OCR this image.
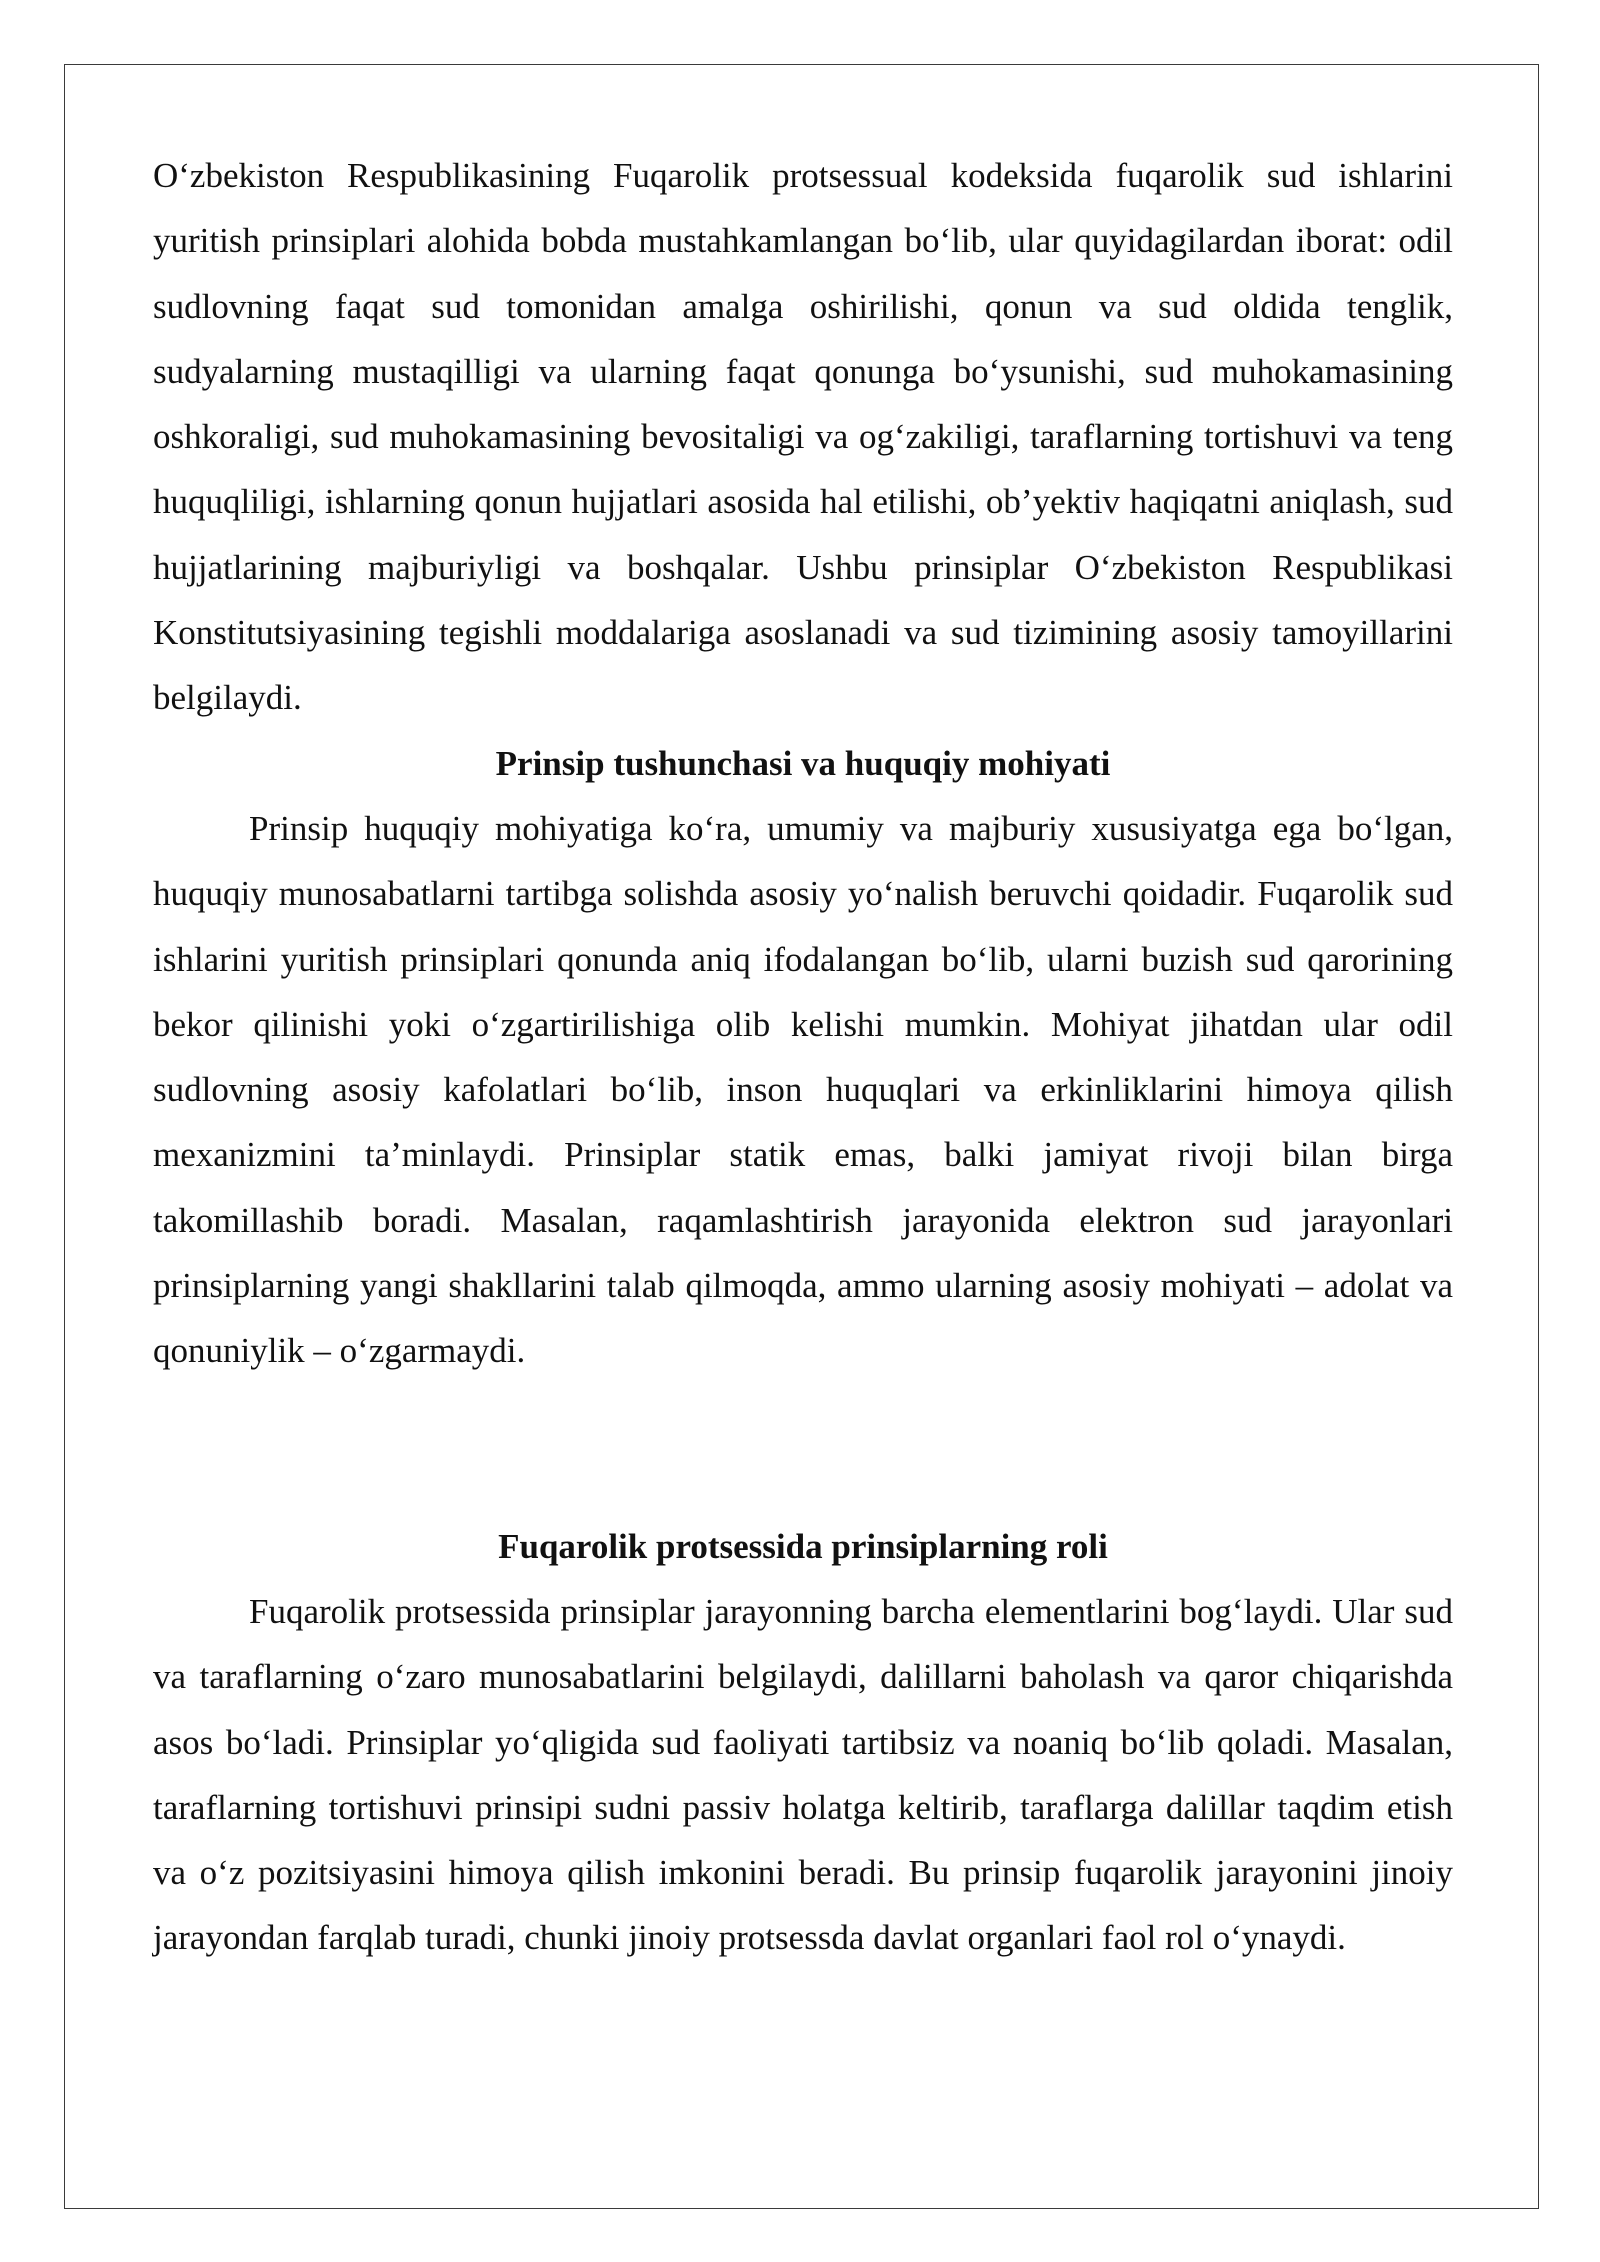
O‘zbekiston Respublikasining Fuqarolik protsessual kodeksida fuqarolik sud ishlarini yuritish prinsiplari alohida bobda mustahkamlangan bo‘lib, ular quyidagilardan iborat: odil sudlovning faqat sud tomonidan amalga oshirilishi, qonun va sud oldida tenglik, sudyalarning mustaqilligi va ularning faqat qonunga bo‘ysunishi, sud muhokamasining oshkoraligi, sud muhokamasining bevositaligi va og‘zakiligi, taraflarning tortishuvi va teng huquqliligi, ishlarning qonun hujjatlari asosida hal etilishi, ob’yektiv haqiqatni aniqlash, sud hujjatlarining majburiyligi va boshqalar. Ushbu prinsiplar O‘zbekiston Respublikasi Konstitutsiyasining tegishli moddalariga asoslanadi va sud tizimining asosiy tamoyillarini belgilaydi.

Prinsip tushunchasi va huquqiy mohiyati

Prinsip huquqiy mohiyatiga ko‘ra, umumiy va majburiy xususiyatga ega bo‘lgan, huquqiy munosabatlarni tartibga solishda asosiy yo‘nalish beruvchi qoidadir. Fuqarolik sud ishlarini yuritish prinsiplari qonunda aniq ifodalangan bo‘lib, ularni buzish sud qarorining bekor qilinishi yoki o‘zgartirilishiga olib kelishi mumkin. Mohiyat jihatdan ular odil sudlovning asosiy kafolatlari bo‘lib, inson huquqlari va erkinliklarini himoya qilish mexanizmini ta’minlaydi. Prinsiplar statik emas, balki jamiyat rivoji bilan birga takomillashib boradi. Masalan, raqamlashtirish jarayonida elektron sud jarayonlari prinsiplarning yangi shakllarini talab qilmoqda, ammo ularning asosiy mohiyati – adolat va qonuniylik – o‘zgarmaydi.

Fuqarolik protsessida prinsiplarning roli

Fuqarolik protsessida prinsiplar jarayonning barcha elementlarini bog‘laydi. Ular sud va taraflarning o‘zaro munosabatlarini belgilaydi, dalillarni baholash va qaror chiqarishda asos bo‘ladi. Prinsiplar yo‘qligida sud faoliyati tartibsiz va noaniq bo‘lib qoladi. Masalan, taraflarning tortishuvi prinsipi sudni passiv holatga keltirib, taraflarga dalillar taqdim etish va o‘z pozitsiyasini himoya qilish imkonini beradi. Bu prinsip fuqarolik jarayonini jinoiy jarayondan farqlab turadi, chunki jinoiy protsessda davlat organlari faol rol o‘ynaydi.
